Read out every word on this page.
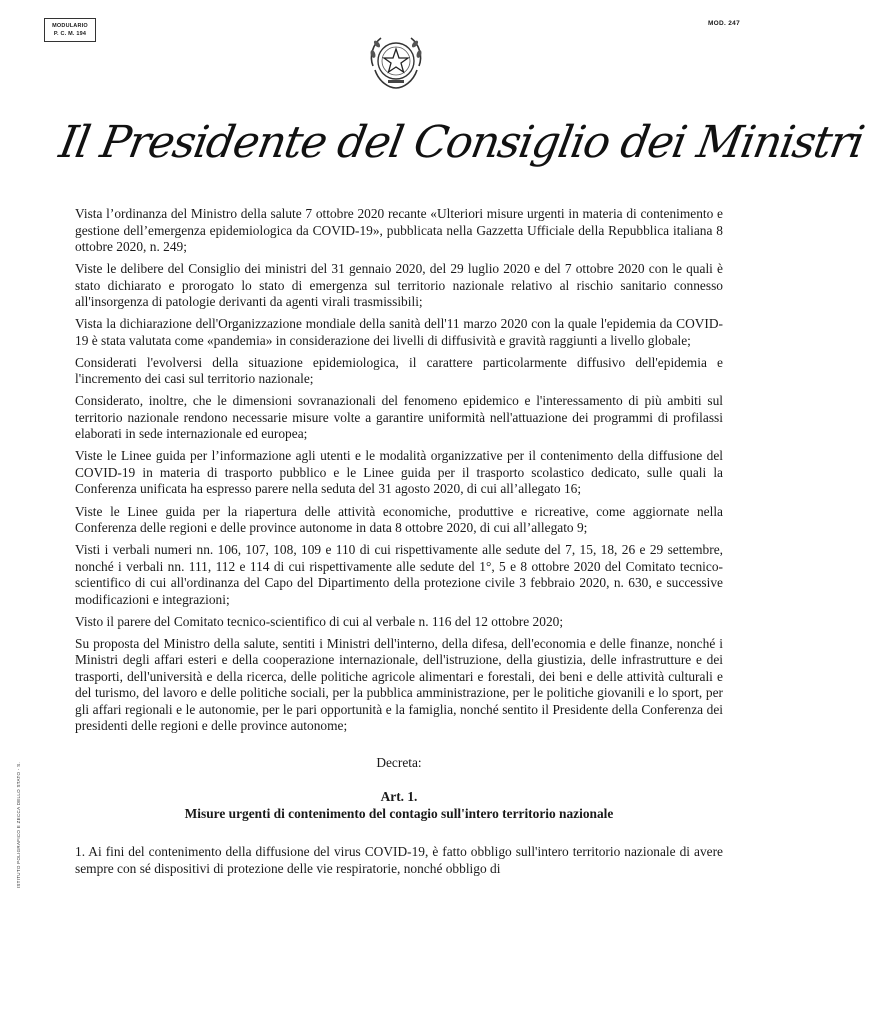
MODULARIO
P. C. M. 194
MOD. 247
Il Presidente del Consiglio dei Ministri

Vista l’ordinanza del Ministro della salute 7 ottobre 2020 recante «Ulteriori misure urgenti in materia di contenimento e gestione dell’emergenza epidemiologica da COVID-19», pubblicata nella Gazzetta Ufficiale della Repubblica italiana 8 ottobre 2020, n. 249;

Viste le delibere del Consiglio dei ministri del 31 gennaio 2020, del 29 luglio 2020 e del 7 ottobre 2020 con le quali è stato dichiarato e prorogato lo stato di emergenza sul territorio nazionale relativo al rischio sanitario connesso all'insorgenza di patologie derivanti da agenti virali trasmissibili;

Vista la dichiarazione dell'Organizzazione mondiale della sanità dell'11 marzo 2020 con la quale l'epidemia da COVID-19 è stata valutata come «pandemia» in considerazione dei livelli di diffusività e gravità raggiunti a livello globale;

Considerati l'evolversi della situazione epidemiologica, il carattere particolarmente diffusivo dell'epidemia e l'incremento dei casi sul territorio nazionale;

Considerato, inoltre, che le dimensioni sovranazionali del fenomeno epidemico e l'interessamento di più ambiti sul territorio nazionale rendono necessarie misure volte a garantire uniformità nell'attuazione dei programmi di profilassi elaborati in sede internazionale ed europea;

Viste le Linee guida per l’informazione agli utenti e le modalità organizzative per il contenimento della diffusione del COVID-19 in materia di trasporto pubblico e le Linee guida per il trasporto scolastico dedicato, sulle quali la Conferenza unificata ha espresso parere nella seduta del 31 agosto 2020, di cui all’allegato 16;

Viste le Linee guida per la riapertura delle attività economiche, produttive e ricreative, come aggiornate nella Conferenza delle regioni e delle province autonome in data 8 ottobre 2020, di cui all’allegato 9;

Visti i verbali numeri nn. 106, 107, 108, 109 e 110 di cui rispettivamente alle sedute del 7, 15, 18, 26 e 29 settembre, nonché i verbali nn. 111, 112 e 114 di cui rispettivamente alle sedute del 1°, 5 e 8 ottobre 2020 del Comitato tecnico-scientifico di cui all'ordinanza del Capo del Dipartimento della protezione civile 3 febbraio 2020, n. 630, e successive modificazioni e integrazioni;

Visto il parere del Comitato tecnico-scientifico di cui al verbale n. 116 del 12 ottobre 2020;

Su proposta del Ministro della salute, sentiti i Ministri dell'interno, della difesa, dell'economia e delle finanze, nonché i Ministri degli affari esteri e della cooperazione internazionale, dell'istruzione, della giustizia, delle infrastrutture e dei trasporti, dell'università e della ricerca, delle politiche agricole alimentari e forestali, dei beni e delle attività culturali e del turismo, del lavoro e delle politiche sociali, per la pubblica amministrazione, per le politiche giovanili e lo sport, per gli affari regionali e le autonomie, per le pari opportunità e la famiglia, nonché sentito il Presidente della Conferenza dei presidenti delle regioni e delle province autonome;

Decreta:
Art. 1.
Misure urgenti di contenimento del contagio sull'intero territorio nazionale

1. Ai fini del contenimento della diffusione del virus COVID-19, è fatto obbligo sull'intero territorio nazionale di avere sempre con sé dispositivi di protezione delle vie respiratorie, nonché obbligo di

ISTITUTO POLIGRAFICO E ZECCA DELLO STATO - S.
